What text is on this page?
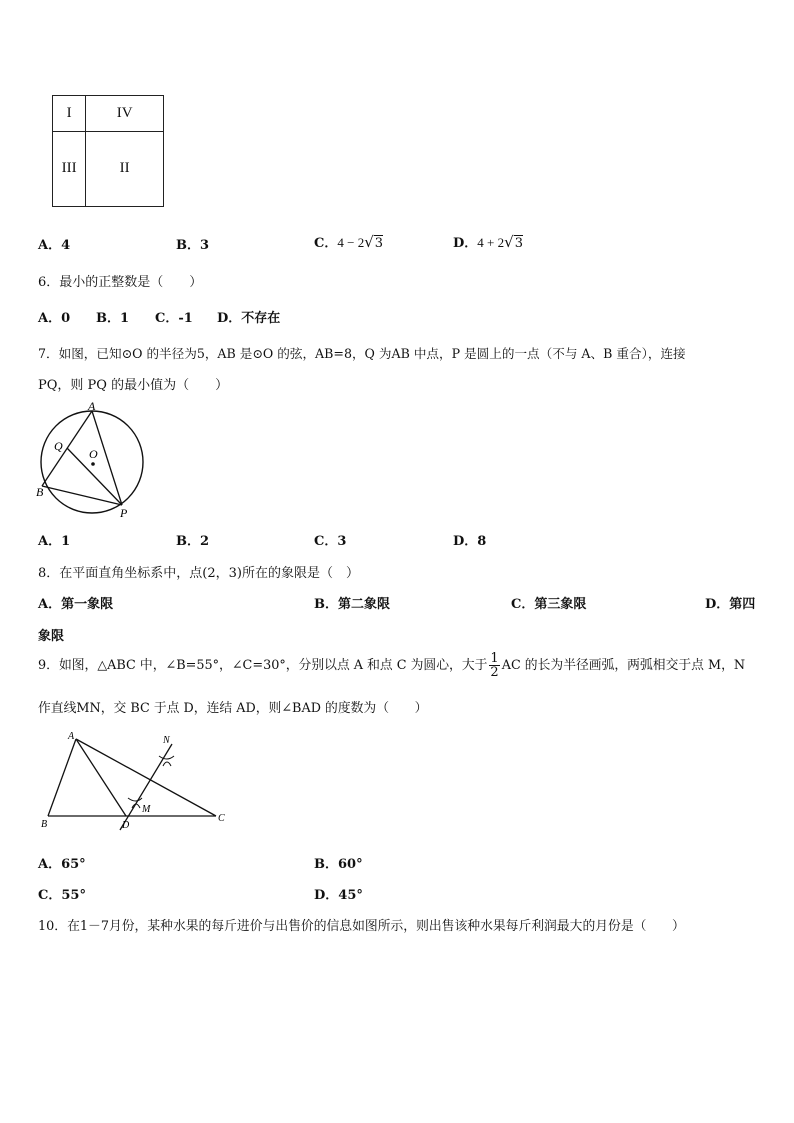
I	IV
III	II
A．4	B．3	C．4 − 2√3	D．4 + 2√3
6．最小的正整数是（　　）
A．0 B．1 C．-1 D．不存在
7．如图，已知⊙O 的半径为5，AB 是⊙O 的弦，AB=8，Q 为AB 中点，P 是圆上的一点（不与 A、B 重合），连接
PQ，则 PQ 的最小值为（　　）
A
Q
O
B
P
A．1	B．2	C．3	D．8
8．在平面直角坐标系中，点(2，3)所在的象限是（　）
A．第一象限	B．第二象限	C．第三象限	D．第四
象限
9．如图，△ABC 中，∠B=55°，∠C=30°，分别以点 A 和点 C 为圆心，大于 $\frac{1}{2}$ AC 的长为半径画弧，两弧相交于点 M，N
作直线MN，交 BC 于点 D，连结 AD，则∠BAD 的度数为（　　）
A
B
C
D
M
N
A．65°	B．60°
C．55°	D．45°
10．在1－7月份，某种水果的每斤进价与出售价的信息如图所示，则出售该种水果每斤利润最大的月份是（　　）
